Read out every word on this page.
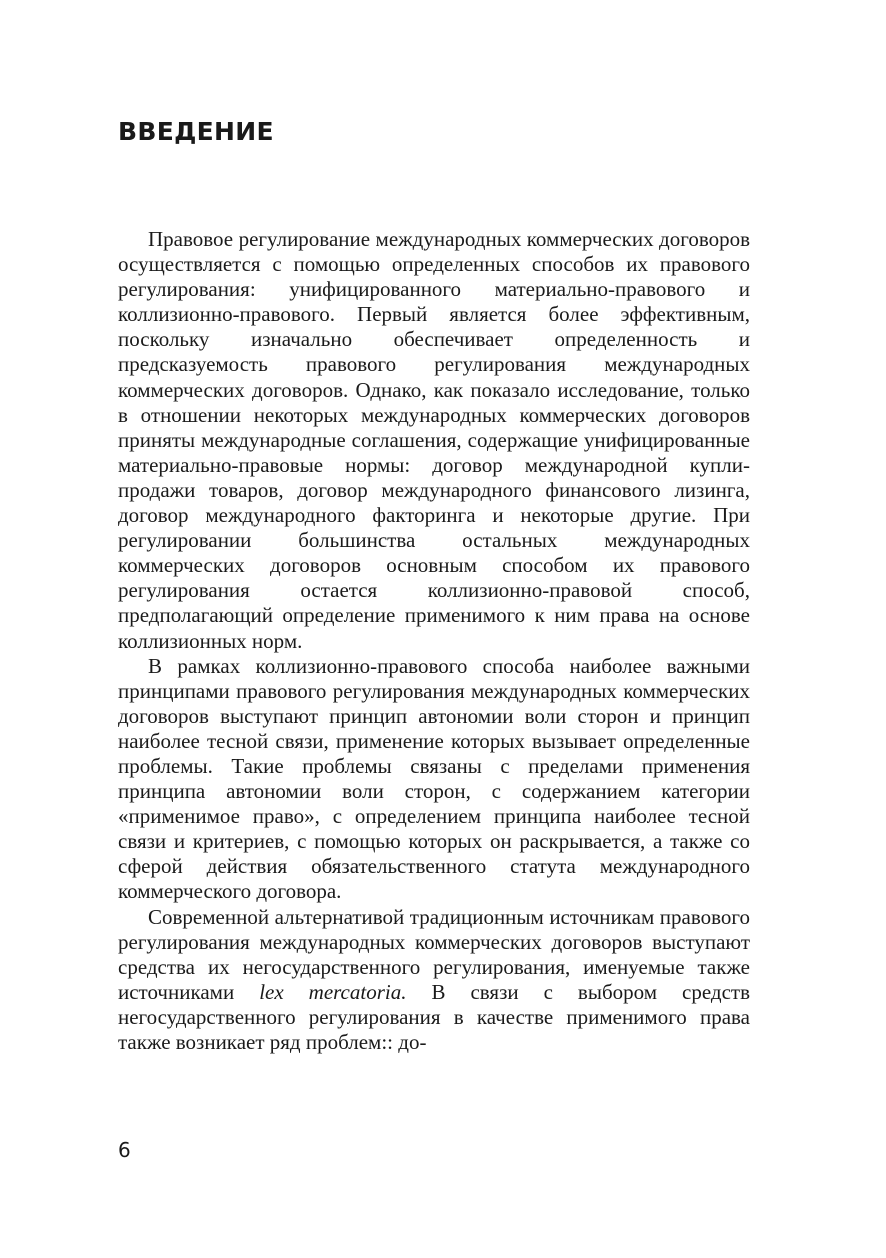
ВВЕДЕНИЕ

Правовое регулирование международных коммерческих договоров осуществляется с помощью определенных способов их правового регулирования: унифицированного материально-правового и коллизионно-правового. Первый является более эффективным, поскольку изначально обеспечивает определенность и предсказуемость правового регулирования международных коммерческих договоров. Однако, как показало исследование, только в отношении некоторых международных коммерческих договоров приняты международные соглашения, содержащие унифицированные материально-правовые нормы: договор международной купли-продажи товаров, договор международного финансового лизинга, договор международного факторинга и некоторые другие. При регулировании большинства остальных международных коммерческих договоров основным способом их правового регулирования остается коллизионно-правовой способ, предполагающий определение применимого к ним права на основе коллизионных норм.

В рамках коллизионно-правового способа наиболее важными принципами правового регулирования международных коммерческих договоров выступают принцип автономии воли сторон и принцип наиболее тесной связи, применение которых вызывает определенные проблемы. Такие проблемы связаны с пределами применения принципа автономии воли сторон, с содержанием категории «применимое право», с определением принципа наиболее тесной связи и критериев, с помощью которых он раскрывается, а также со сферой действия обязательственного статута международного коммерческого договора.

Современной альтернативой традиционным источникам правового регулирования международных коммерческих договоров выступают средства их негосударственного регулирования, именуемые также источниками lex mercatoria. В связи с выбором средств негосударственного регулирования в качестве применимого права также возникает ряд проблем:: до-

6
